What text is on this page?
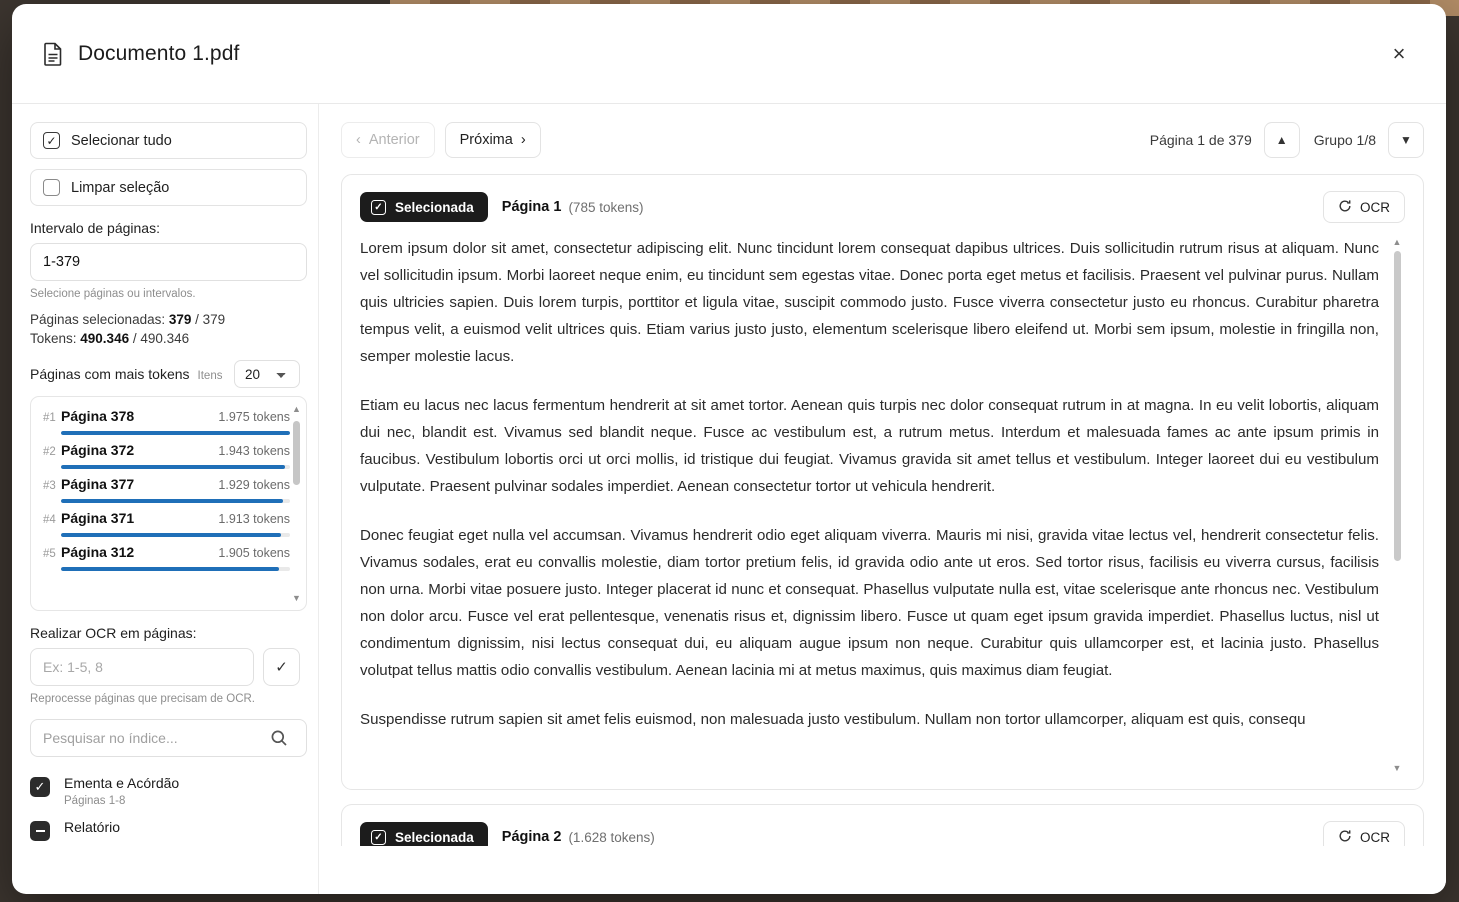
Documento 1.pdf	×
✓ Selecionar tudo
Limpar seleção
Intervalo de páginas:
1-379
Selecione páginas ou intervalos.
Páginas selecionadas: 379 / 379
Tokens: 490.346 / 490.346
Páginas com mais tokens Itens
20
#1 Página 378	1.975 tokens
#2 Página 372	1.943 tokens
#3 Página 377	1.929 tokens
#4 Página 371	1.913 tokens
#5 Página 312	1.905 tokens
▲
▼
Realizar OCR em páginas:
Ex: 1-5, 8
✓
Reprocesse páginas que precisam de OCR.
Pesquisar no índice...
✓	Ementa e Acórdão
Páginas 1-8
Relatório
‹ Anterior	Próxima ›	Página 1 de 379	▲	Grupo 1/8	▼
✓ Selecionada Página 1 (785 tokens)	OCR

Lorem ipsum dolor sit amet, consectetur adipiscing elit. Nunc tincidunt lorem consequat dapibus ultrices. Duis sollicitudin rutrum risus at aliquam. Nunc vel sollicitudin ipsum. Morbi laoreet neque enim, eu tincidunt sem egestas vitae. Donec porta eget metus et facilisis. Praesent vel pulvinar purus. Nullam quis ultricies sapien. Duis lorem turpis, porttitor et ligula vitae, suscipit commodo justo. Fusce viverra consectetur justo eu rhoncus. Curabitur pharetra tempus velit, a euismod velit ultrices quis. Etiam varius justo justo, elementum scelerisque libero eleifend ut. Morbi sem ipsum, molestie in fringilla non, semper molestie lacus.

Etiam eu lacus nec lacus fermentum hendrerit at sit amet tortor. Aenean quis turpis nec dolor consequat rutrum in at magna. In eu velit lobortis, aliquam dui nec, blandit est. Vivamus sed blandit neque. Fusce ac vestibulum est, a rutrum metus. Interdum et malesuada fames ac ante ipsum primis in faucibus. Vestibulum lobortis orci ut orci mollis, id tristique dui feugiat. Vivamus gravida sit amet tellus et vestibulum. Integer laoreet dui eu vestibulum vulputate. Praesent pulvinar sodales imperdiet. Aenean consectetur tortor ut vehicula hendrerit.

Donec feugiat eget nulla vel accumsan. Vivamus hendrerit odio eget aliquam viverra. Mauris mi nisi, gravida vitae lectus vel, hendrerit consectetur felis. Vivamus sodales, erat eu convallis molestie, diam tortor pretium felis, id gravida odio ante ut eros. Sed tortor risus, facilisis eu viverra cursus, facilisis non urna. Morbi vitae posuere justo. Integer placerat id nunc et consequat. Phasellus vulputate nulla est, vitae scelerisque ante rhoncus nec. Vestibulum non dolor arcu. Fusce vel erat pellentesque, venenatis risus et, dignissim libero. Fusce ut quam eget ipsum gravida imperdiet. Phasellus luctus, nisl ut condimentum dignissim, nisi lectus consequat dui, eu aliquam augue ipsum non neque. Curabitur quis ullamcorper est, et lacinia justo. Phasellus volutpat tellus mattis odio convallis vestibulum. Aenean lacinia mi at metus maximus, quis maximus diam feugiat.

Suspendisse rutrum sapien sit amet felis euismod, non malesuada justo vestibulum. Nullam non tortor ullamcorper, aliquam est quis, consequ

▲
▼
✓ Selecionada Página 2 (1.628 tokens)	OCR
